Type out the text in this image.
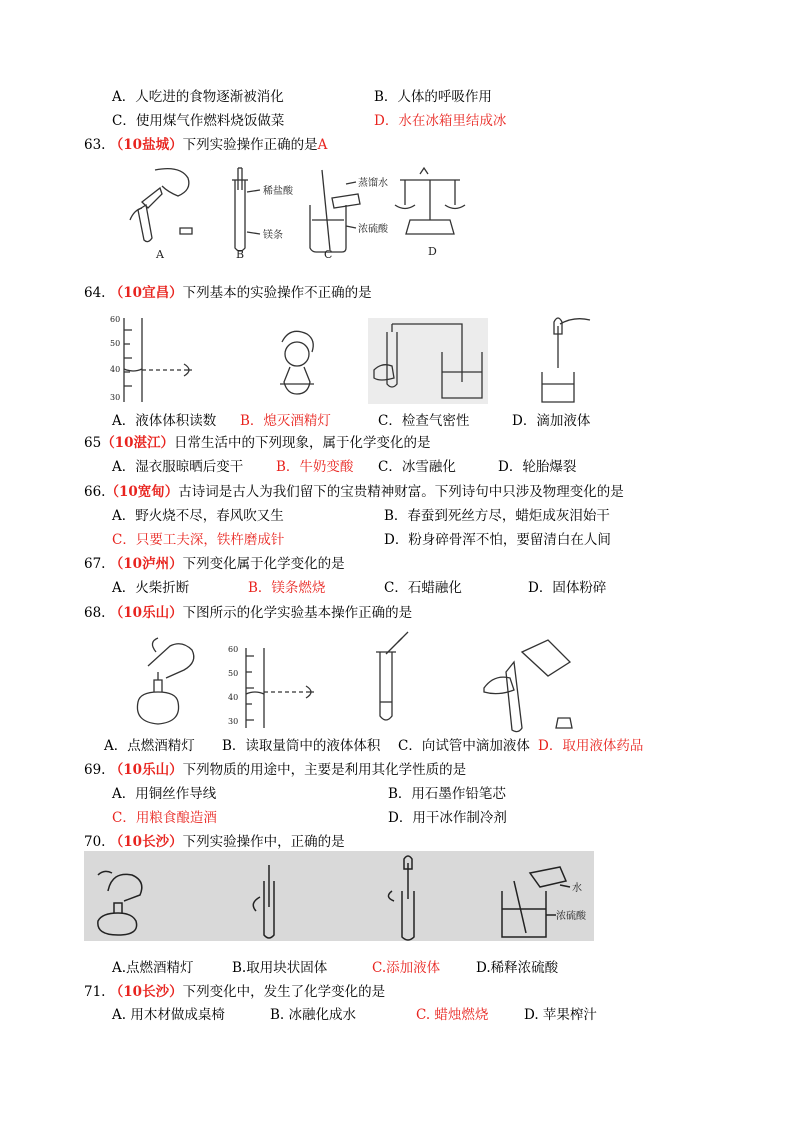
A．人吃进的食物逐渐被消化	B．人体的呼吸作用
C．使用煤气作燃料烧饭做菜	D．水在冰箱里结成冰
63. （10盐城）下列实验操作正确的是A
稀盐酸
镁条
蒸馏水
浓硫酸
A	B	C	D
64. （10宜昌）下列基本的实验操作不正确的是
60
50
40
30
A．液体体积读数 B．熄灭酒精灯	C．检查气密性	D．滴加液体
65（10湛江）日常生活中的下列现象，属于化学变化的是
A．湿衣服晾晒后变干 B．牛奶变酸 C．冰雪融化	D．轮胎爆裂
66.（10宽甸）古诗词是古人为我们留下的宝贵精神财富。下列诗句中只涉及物理变化的是
A．野火烧不尽，春风吹又生	B．春蚕到死丝方尽，蜡炬成灰泪始干
C．只要工夫深，铁杵磨成针	D．粉身碎骨浑不怕，要留清白在人间
67. （10泸州）下列变化属于化学变化的是
A．火柴折断	B．镁条燃烧	C．石蜡融化	D．固体粉碎
68. （10乐山）下图所示的化学实验基本操作正确的是
60
50
40
30
A．点燃酒精灯 B．读取量筒中的液体体积 C．向试管中滴加液体 D．取用液体药品
69. （10乐山）下列物质的用途中，主要是利用其化学性质的是
A．用铜丝作导线	B．用石墨作铅笔芯
C．用粮食酿造酒	D．用干冰作制冷剂
70. （10长沙）下列实验操作中，正确的是
水
浓硫酸
A.点燃酒精灯	B.取用块状固体	C.添加液体	D.稀释浓硫酸
71. （10长沙）下列变化中，发生了化学变化的是
A. 用木材做成桌椅	B. 冰融化成水	C. 蜡烛燃烧	D. 苹果榨汁
